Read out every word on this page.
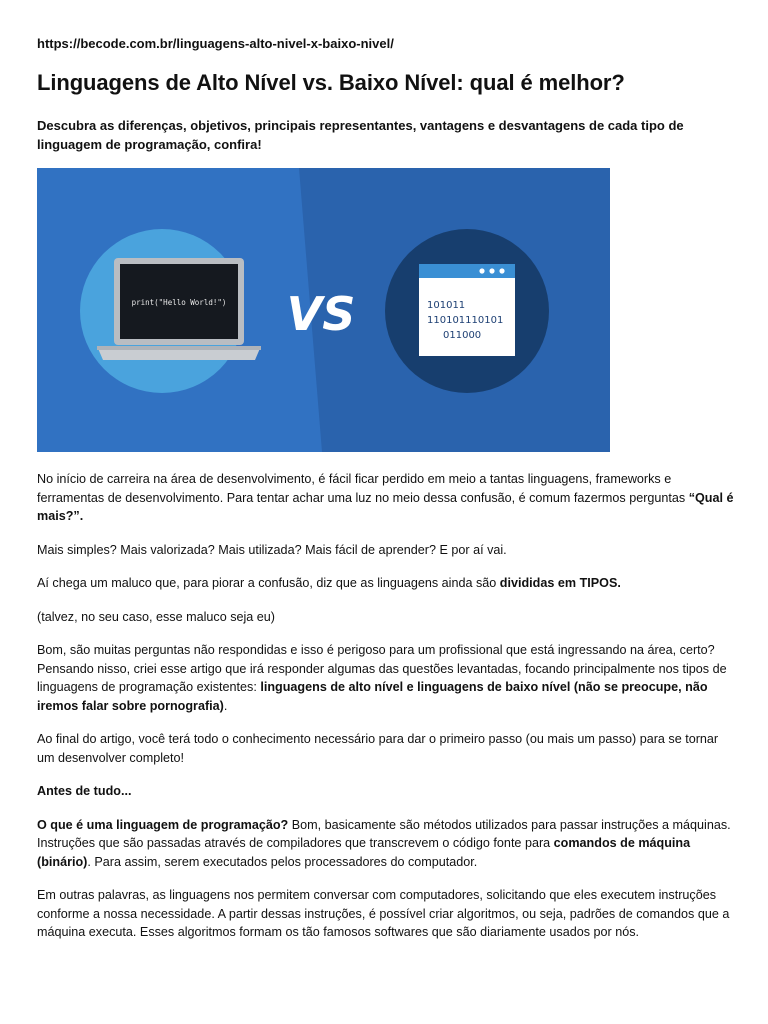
https://becode.com.br/linguagens-alto-nivel-x-baixo-nivel/
Linguagens de Alto Nível vs. Baixo Nível: qual é melhor?

Descubra as diferenças, objetivos, principais representantes, vantagens e desvantagens de cada tipo de linguagem de programação, confira!

print("Hello World!") VS	101011
110101110101
011000

No início de carreira na área de desenvolvimento, é fácil ficar perdido em meio a tantas linguagens, frameworks e ferramentas de desenvolvimento. Para tentar achar uma luz no meio dessa confusão, é comum fazermos perguntas “Qual é mais?”.

Mais simples? Mais valorizada? Mais utilizada? Mais fácil de aprender? E por aí vai.

Aí chega um maluco que, para piorar a confusão, diz que as linguagens ainda são divididas em TIPOS.

(talvez, no seu caso, esse maluco seja eu)

Bom, são muitas perguntas não respondidas e isso é perigoso para um profissional que está ingressando na área, certo? Pensando nisso, criei esse artigo que irá responder algumas das questões levantadas, focando principalmente nos tipos de linguagens de programação existentes: linguagens de alto nível e linguagens de baixo nível (não se preocupe, não iremos falar sobre pornografia).

Ao final do artigo, você terá todo o conhecimento necessário para dar o primeiro passo (ou mais um passo) para se tornar um desenvolver completo!

Antes de tudo...

O que é uma linguagem de programação? Bom, basicamente são métodos utilizados para passar instruções a máquinas. Instruções que são passadas através de compiladores que transcrevem o código fonte para comandos de máquina (binário). Para assim, serem executados pelos processadores do computador.

Em outras palavras, as linguagens nos permitem conversar com computadores, solicitando que eles executem instruções conforme a nossa necessidade. A partir dessas instruções, é possível criar algoritmos, ou seja, padrões de comandos que a máquina executa. Esses algoritmos formam os tão famosos softwares que são diariamente usados por nós.
